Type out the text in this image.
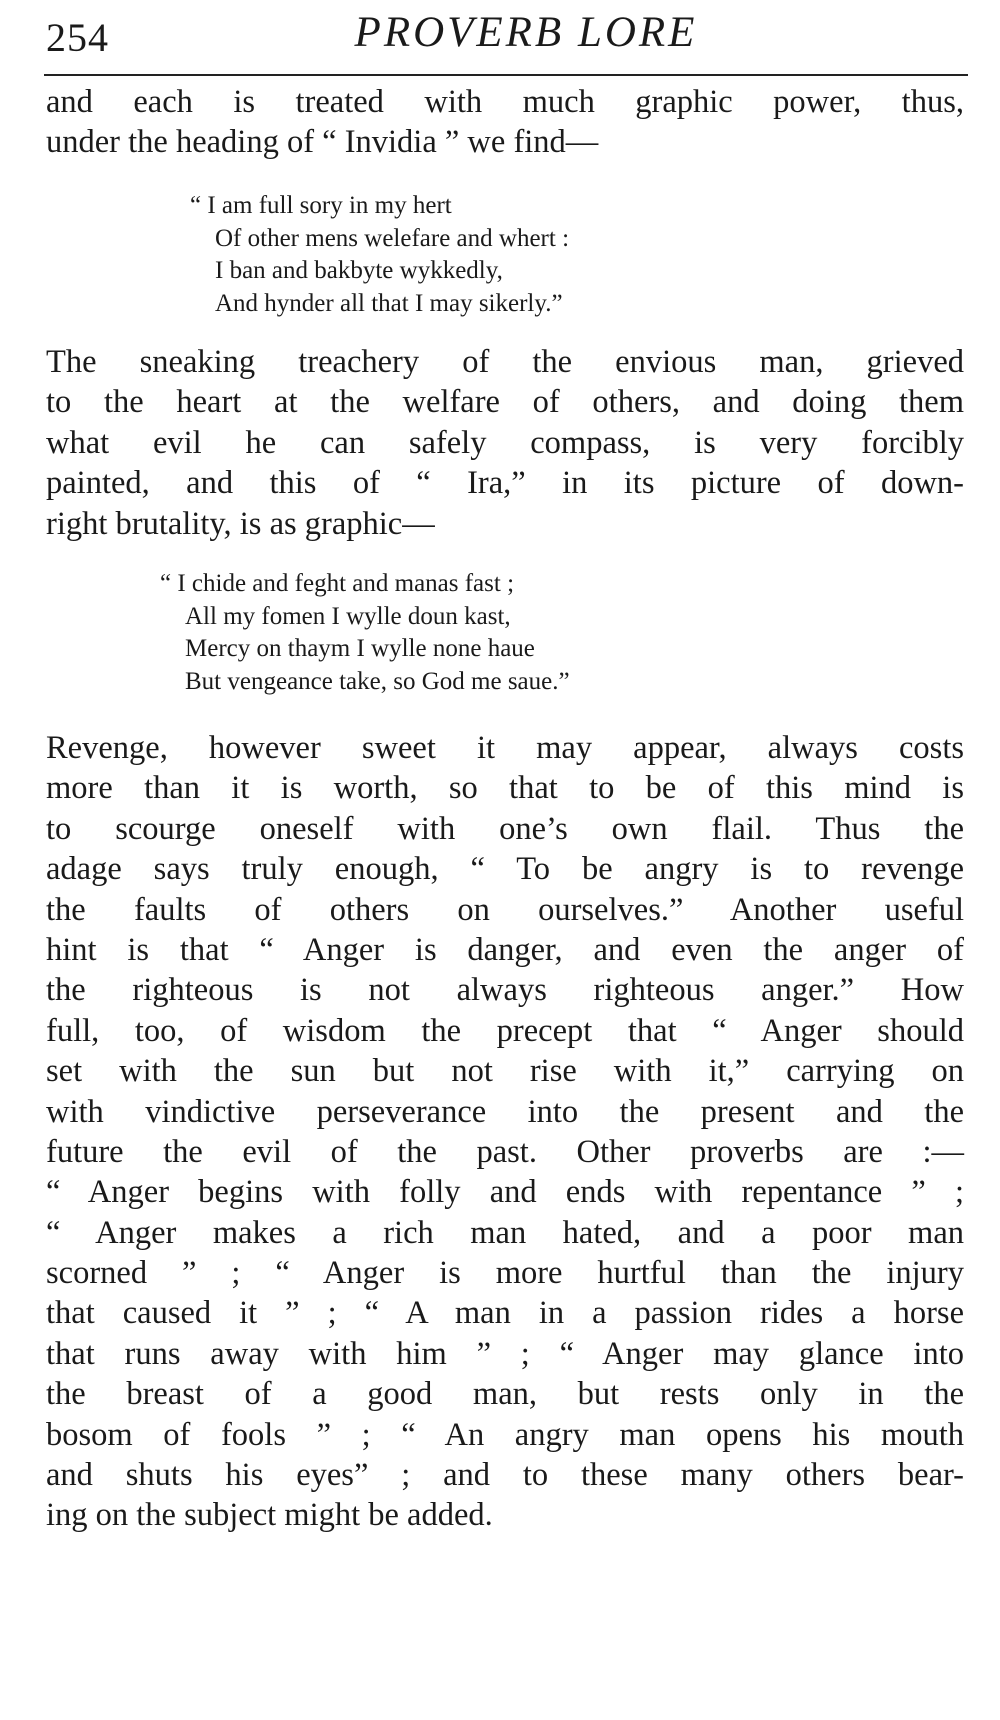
254	PROVERB LORE
and each is treated with much graphic power, thus,
under the heading of “ Invidia ” we find—
“ I am full sory in my hert
Of other mens welefare and whert :
I ban and bakbyte wykkedly,
And hynder all that I may sikerly.”
The sneaking treachery of the envious man, grieved
to the heart at the welfare of others, and doing them
what evil he can safely compass, is very forcibly
painted, and this of “ Ira,” in its picture of down-
right brutality, is as graphic—
“ I chide and feght and manas fast ;
All my fomen I wylle doun kast,
Mercy on thaym I wylle none haue
But vengeance take, so God me saue.”
Revenge, however sweet it may appear, always costs
more than it is worth, so that to be of this mind is
to scourge oneself with one’s own flail. Thus the
adage says truly enough, “ To be angry is to revenge
the faults of others on ourselves.” Another useful
hint is that “ Anger is danger, and even the anger of
the righteous is not always righteous anger.” How
full, too, of wisdom the precept that “ Anger should
set with the sun but not rise with it,” carrying on
with vindictive perseverance into the present and the
future the evil of the past. Other proverbs are :—
“ Anger begins with folly and ends with repentance ” ;
“ Anger makes a rich man hated, and a poor man
scorned ” ; “ Anger is more hurtful than the injury
that caused it ” ; “ A man in a passion rides a horse
that runs away with him ” ; “ Anger may glance into
the breast of a good man, but rests only in the
bosom of fools ” ; “ An angry man opens his mouth
and shuts his eyes” ; and to these many others bear-
ing on the subject might be added.
